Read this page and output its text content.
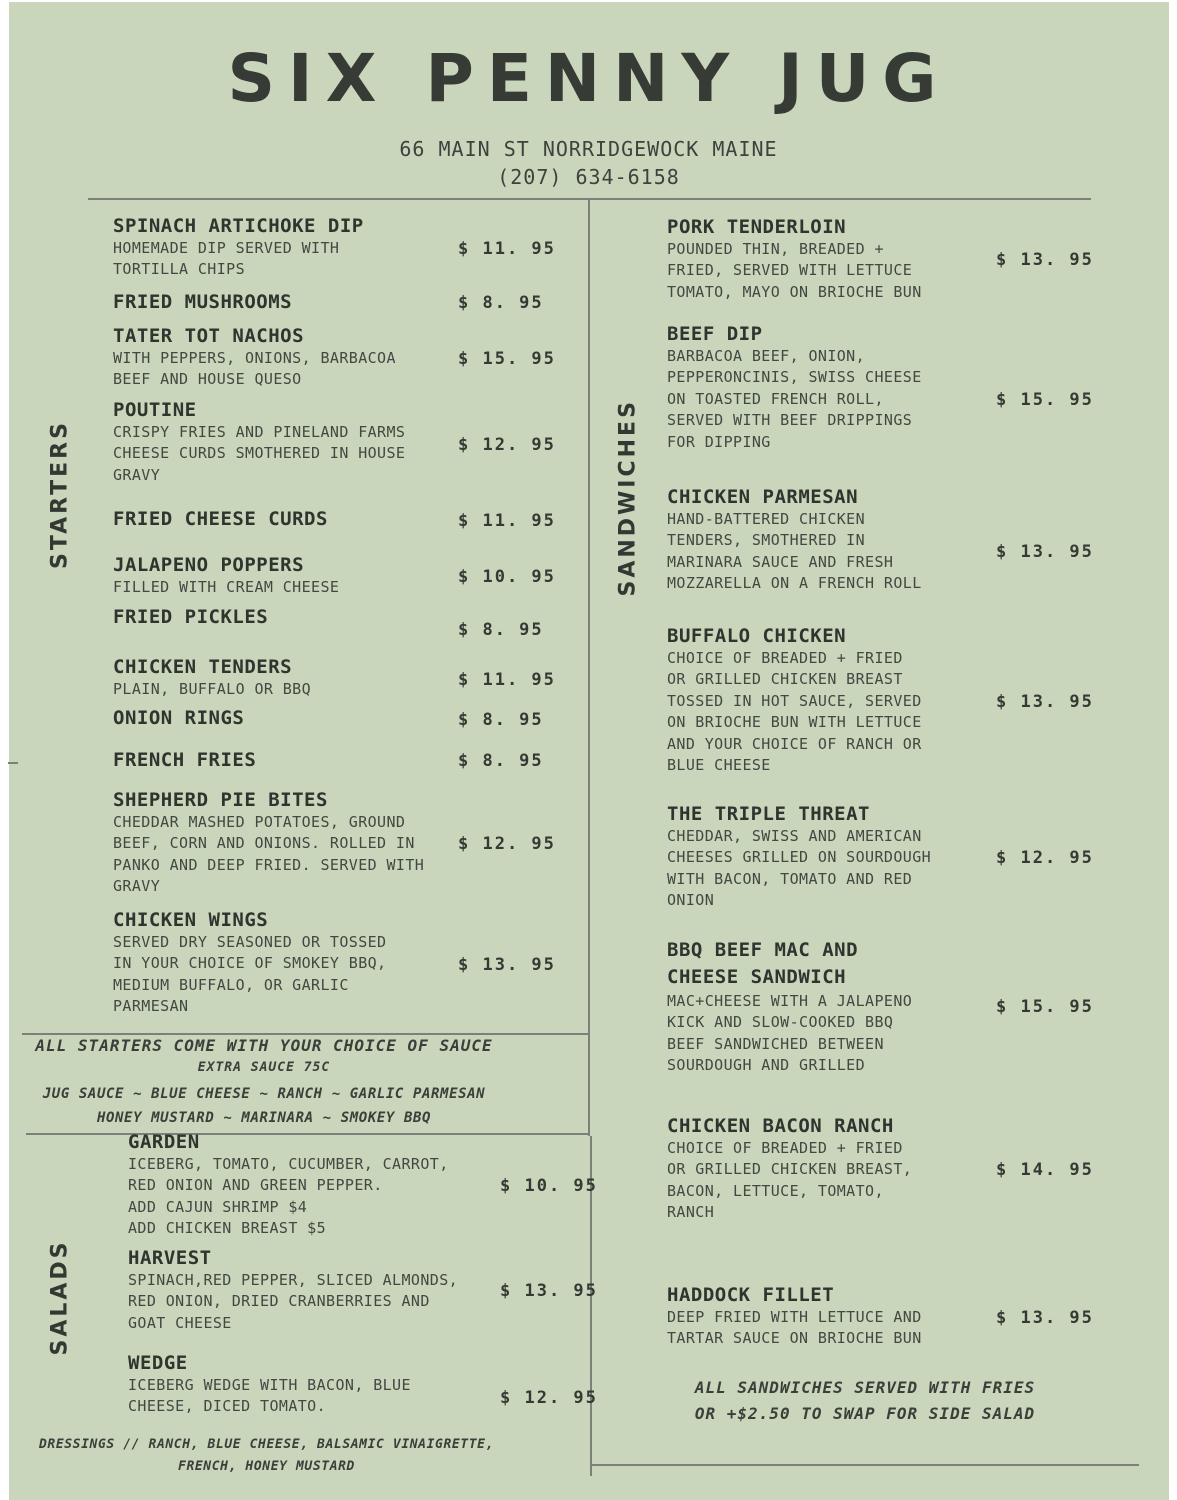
SIX PENNY JUG
66 MAIN ST NORRIDGEWOCK MAINE
(207) 634-6158
STARTERS	SANDWICHES
SALADS
SPINACH ARTICHOKE DIP
HOMEMADE DIP SERVED WITH
TORTILLA CHIPS
$ 11. 95
FRIED MUSHROOMS	$ 8. 95
TATER TOT NACHOS
WITH PEPPERS, ONIONS, BARBACOA
BEEF AND HOUSE QUESO
$ 15. 95
POUTINE
CRISPY FRIES AND PINELAND FARMS
CHEESE CURDS SMOTHERED IN HOUSE
GRAVY
$ 12. 95
FRIED CHEESE CURDS	$ 11. 95
JALAPENO POPPERS
FILLED WITH CREAM CHEESE	$ 10. 95
FRIED PICKLES
$ 8. 95
CHICKEN TENDERS
PLAIN, BUFFALO OR BBQ	$ 11. 95
ONION RINGS	$ 8. 95
FRENCH FRIES	$ 8. 95
SHEPHERD PIE BITES
CHEDDAR MASHED POTATOES, GROUND
BEEF, CORN AND ONIONS. ROLLED IN
PANKO AND DEEP FRIED. SERVED WITH
GRAVY
$ 12. 95
CHICKEN WINGS
SERVED DRY SEASONED OR TOSSED
IN YOUR CHOICE OF SMOKEY BBQ,
MEDIUM BUFFALO, OR GARLIC
PARMESAN
$ 13. 95
ALL STARTERS COME WITH YOUR CHOICE OF SAUCE
EXTRA SAUCE 75C
JUG SAUCE ~ BLUE CHEESE ~ RANCH ~ GARLIC PARMESAN
HONEY MUSTARD ~ MARINARA ~ SMOKEY BBQ
GARDEN
ICEBERG, TOMATO, CUCUMBER, CARROT,
RED ONION AND GREEN PEPPER.
ADD CAJUN SHRIMP $4
ADD CHICKEN BREAST $5
$ 10. 95
HARVEST
SPINACH,RED PEPPER, SLICED ALMONDS,
RED ONION, DRIED CRANBERRIES AND
GOAT CHEESE
$ 13. 95
WEDGE
ICEBERG WEDGE WITH BACON, BLUE
CHEESE, DICED TOMATO.	$ 12. 95
DRESSINGS // RANCH, BLUE CHEESE, BALSAMIC VINAIGRETTE,
FRENCH, HONEY MUSTARD
PORK TENDERLOIN
POUNDED THIN, BREADED +
FRIED, SERVED WITH LETTUCE
TOMATO, MAYO ON BRIOCHE BUN
$ 13. 95
BEEF DIP
BARBACOA BEEF, ONION,
PEPPERONCINIS, SWISS CHEESE
ON TOASTED FRENCH ROLL,
SERVED WITH BEEF DRIPPINGS
FOR DIPPING
$ 15. 95
CHICKEN PARMESAN
HAND-BATTERED CHICKEN
TENDERS, SMOTHERED IN
MARINARA SAUCE AND FRESH
MOZZARELLA ON A FRENCH ROLL
$ 13. 95
BUFFALO CHICKEN
CHOICE OF BREADED + FRIED
OR GRILLED CHICKEN BREAST
TOSSED IN HOT SAUCE, SERVED
ON BRIOCHE BUN WITH LETTUCE
AND YOUR CHOICE OF RANCH OR
BLUE CHEESE
$ 13. 95
THE TRIPLE THREAT
CHEDDAR, SWISS AND AMERICAN
CHEESES GRILLED ON SOURDOUGH
WITH BACON, TOMATO AND RED
ONION
$ 12. 95
BBQ BEEF MAC AND
CHEESE SANDWICH
MAC+CHEESE WITH A JALAPENO
KICK AND SLOW-COOKED BBQ
BEEF SANDWICHED BETWEEN
SOURDOUGH AND GRILLED
$ 15. 95
CHICKEN BACON RANCH
CHOICE OF BREADED + FRIED
OR GRILLED CHICKEN BREAST,
BACON, LETTUCE, TOMATO,
RANCH
$ 14. 95
HADDOCK FILLET
DEEP FRIED WITH LETTUCE AND
TARTAR SAUCE ON BRIOCHE BUN
$ 13. 95
ALL SANDWICHES SERVED WITH FRIES
OR +$2.50 TO SWAP FOR SIDE SALAD
